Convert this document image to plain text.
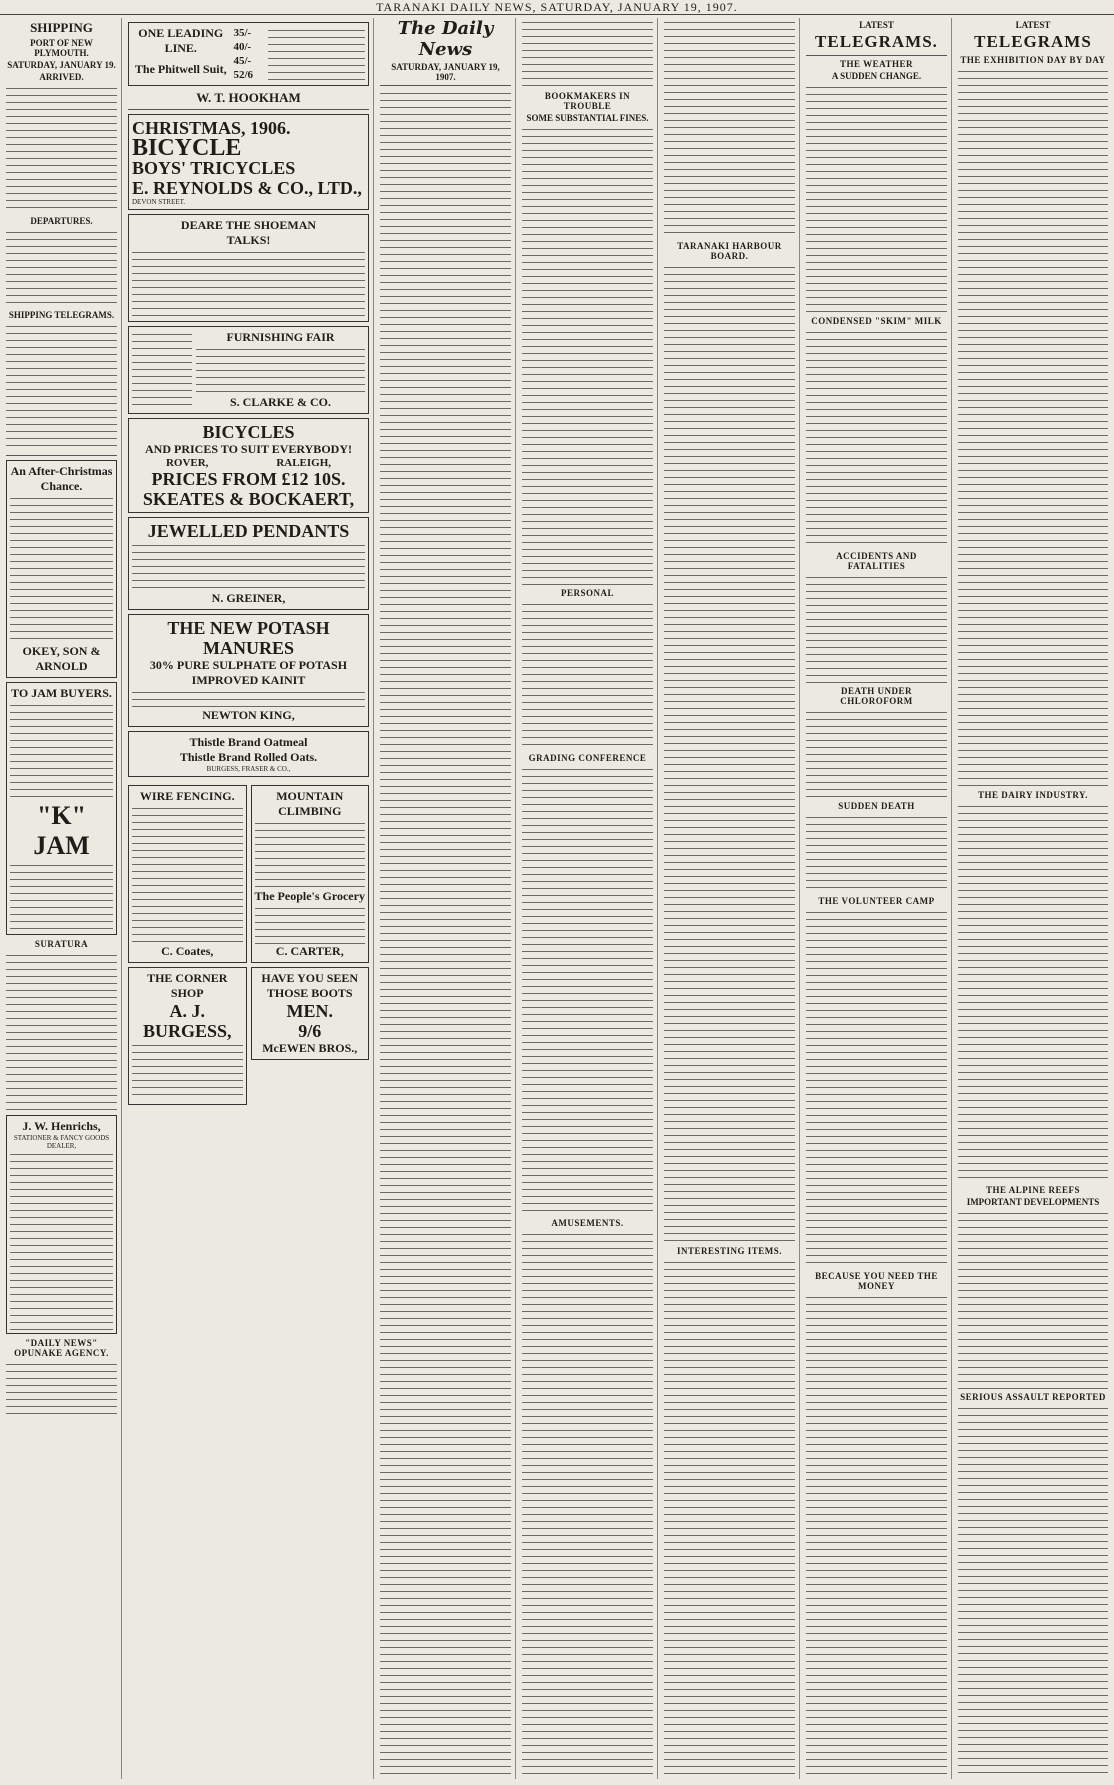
TARANAKI DAILY NEWS, SATURDAY, JANUARY 19, 1907.
SHIPPING
PORT OF NEW PLYMOUTH.
SATURDAY, JANUARY 19.
ARRIVED.
DEPARTURES.
SHIPPING TELEGRAMS.
An After-Christmas Chance.
OKEY, SON & ARNOLD
TO JAM BUYERS.
"K" JAM
SURATURA
J. W. Henrichs,
STATIONER & FANCY GOODS DEALER,
"DAILY NEWS" OPUNAKE AGENCY.
ONE LEADING LINE.
The Phitwell Suit,
35/-
40/-
45/-
52/6
W. T. HOOKHAM
CHRISTMAS, 1906.
BICYCLE
BOYS' TRICYCLES
E. REYNOLDS & CO., LTD.,
DEVON STREET.
DEARE THE SHOEMAN
TALKS!
FURNISHING FAIR
S. CLARKE & CO.
BICYCLES
AND PRICES TO SUIT EVERYBODY!
ROVER,	RALEIGH,
PRICES FROM £12 10S.
SKEATES & BOCKAERT,
JEWELLED PENDANTS
N. GREINER,
THE NEW POTASH MANURES
30% PURE SULPHATE OF POTASH
IMPROVED KAINIT
NEWTON KING,
Thistle Brand Oatmeal
Thistle Brand Rolled Oats.
BURGESS, FRASER & CO.,
WIRE FENCING.
C. Coates,
THE CORNER SHOP
A. J. BURGESS,
MOUNTAIN CLIMBING
The People's Grocery
C. CARTER,
HAVE YOU SEEN THOSE BOOTS
MEN.
9/6
McEWEN BROS.,
The Daily News
SATURDAY, JANUARY 19, 1907.
BOOKMAKERS IN TROUBLE
SOME SUBSTANTIAL FINES.
PERSONAL
GRADING CONFERENCE
AMUSEMENTS.
TARANAKI HARBOUR BOARD.
INTERESTING ITEMS.
LATEST
TELEGRAMS.
THE WEATHER
A SUDDEN CHANGE.
CONDENSED "SKIM" MILK
ACCIDENTS AND FATALITIES
DEATH UNDER CHLOROFORM
SUDDEN DEATH
THE VOLUNTEER CAMP
BECAUSE YOU NEED THE MONEY
LATEST
TELEGRAMS
THE EXHIBITION DAY BY DAY
THE DAIRY INDUSTRY.
THE ALPINE REEFS
IMPORTANT DEVELOPMENTS
SERIOUS ASSAULT REPORTED
